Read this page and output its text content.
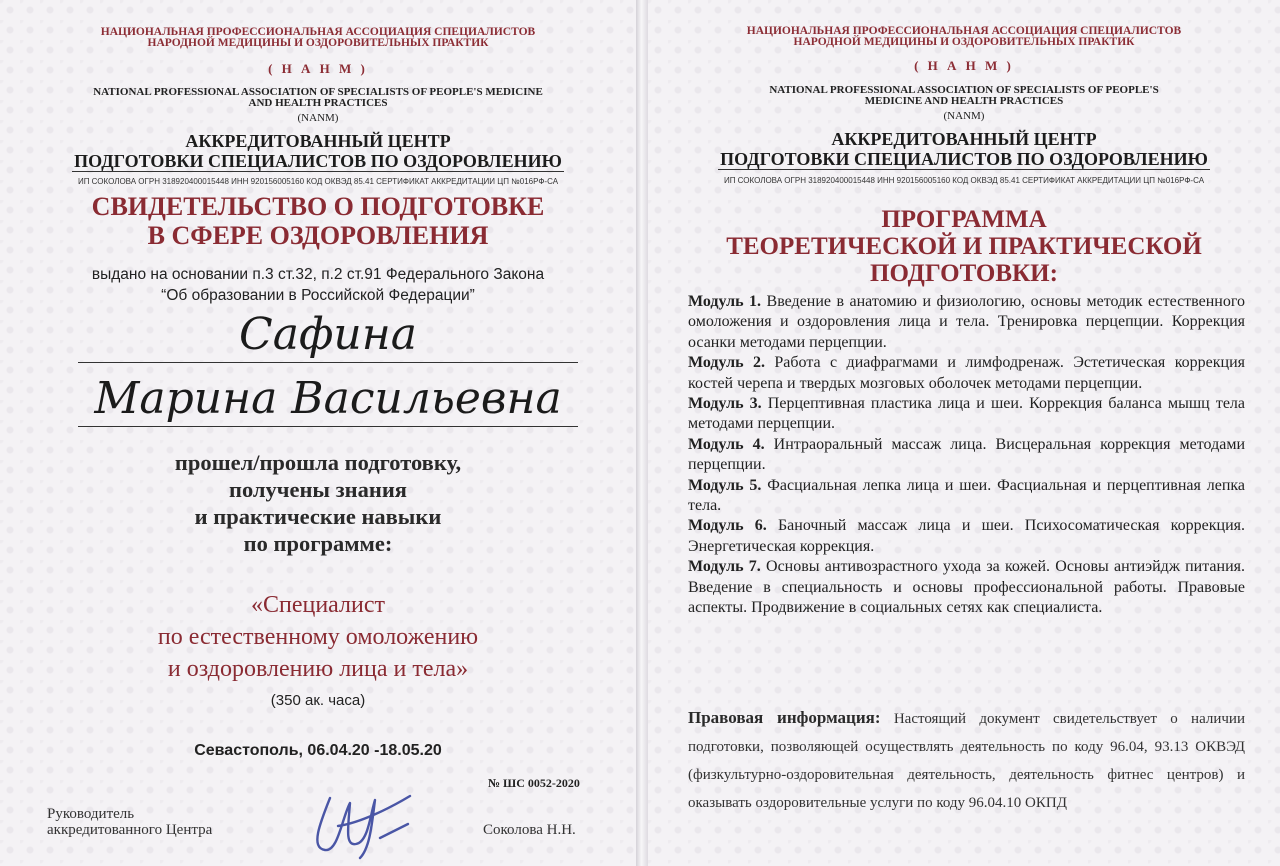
НАЦИОНАЛЬНАЯ ПРОФЕССИОНАЛЬНАЯ АССОЦИАЦИЯ СПЕЦИАЛИСТОВ
НАРОДНОЙ МЕДИЦИНЫ И ОЗДОРОВИТЕЛЬНЫХ ПРАКТИК
( Н А Н М )
NATIONAL PROFESSIONAL ASSOCIATION OF SPECIALISTS OF PEOPLE'S MEDICINE
AND HEALTH PRACTICES
(NANM)
АККРЕДИТОВАННЫЙ ЦЕНТР
ПОДГОТОВКИ СПЕЦИАЛИСТОВ ПО ОЗДОРОВЛЕНИЮ
ИП СОКОЛОВА ОГРН 318920400015448 ИНН 920156005160 КОД ОКВЭД 85.41 СЕРТИФИКАТ АККРЕДИТАЦИИ ЦП №016РФ-СА
СВИДЕТЕЛЬСТВО О ПОДГОТОВКЕ
В СФЕРЕ ОЗДОРОВЛЕНИЯ
выдано на основании п.3 ст.32, п.2 ст.91 Федерального Закона
“Об образовании в Российской Федерации”
Сафина
Марина Васильевна
прошел/прошла подготовку,
получены знания
и практические навыки
по программе:
«Специалист
по естественному омоложению
и оздоровлению лица и тела»
(350 ак. часа)
Севастополь, 06.04.20 -18.05.20
№ ШС 0052-2020
Руководитель
аккредитованного Центра	Соколова Н.Н.
НАЦИОНАЛЬНАЯ ПРОФЕССИОНАЛЬНАЯ АССОЦИАЦИЯ СПЕЦИАЛИСТОВ
НАРОДНОЙ МЕДИЦИНЫ И ОЗДОРОВИТЕЛЬНЫХ ПРАКТИК
( Н А Н М )
NATIONAL PROFESSIONAL ASSOCIATION OF SPECIALISTS OF PEOPLE'S
MEDICINE AND HEALTH PRACTICES
(NANM)
АККРЕДИТОВАННЫЙ ЦЕНТР
ПОДГОТОВКИ СПЕЦИАЛИСТОВ ПО ОЗДОРОВЛЕНИЮ
ИП СОКОЛОВА ОГРН 318920400015448 ИНН 920156005160 КОД ОКВЭД 85.41 СЕРТИФИКАТ АККРЕДИТАЦИИ ЦП №016РФ-СА
ПРОГРАММА
ТЕОРЕТИЧЕСКОЙ И ПРАКТИЧЕСКОЙ
ПОДГОТОВКИ:

Модуль 1. Введение в анатомию и физиологию, основы методик естественного омоложения и оздоровления лица и тела. Тренировка перцепции. Коррекция осанки методами перцепции.

Модуль 2. Работа с диафрагмами и лимфодренаж. Эстетическая коррекция костей черепа и твердых мозговых оболочек методами перцепции.

Модуль 3. Перцептивная пластика лица и шеи. Коррекция баланса мышц тела методами перцепции.

Модуль 4. Интраоральный массаж лица. Висцеральная коррекция методами перцепции.

Модуль 5. Фасциальная лепка лица и шеи. Фасциальная и перцептивная лепка тела.

Модуль 6. Баночный массаж лица и шеи. Психосоматическая коррекция. Энергетическая коррекция.

Модуль 7. Основы антивозрастного ухода за кожей. Основы антиэйдж питания. Введение в специальность и основы профессиональной работы. Правовые аспекты. Продвижение в социальных сетях как специалиста.

Правовая информация: Настоящий документ свидетельствует о наличии подготовки, позволяющей осуществлять деятельность по коду 96.04, 93.13 ОКВЭД (физкультурно-оздоровительная деятельность, деятельность фитнес центров) и оказывать оздоровительные услуги по коду 96.04.10 ОКПД
